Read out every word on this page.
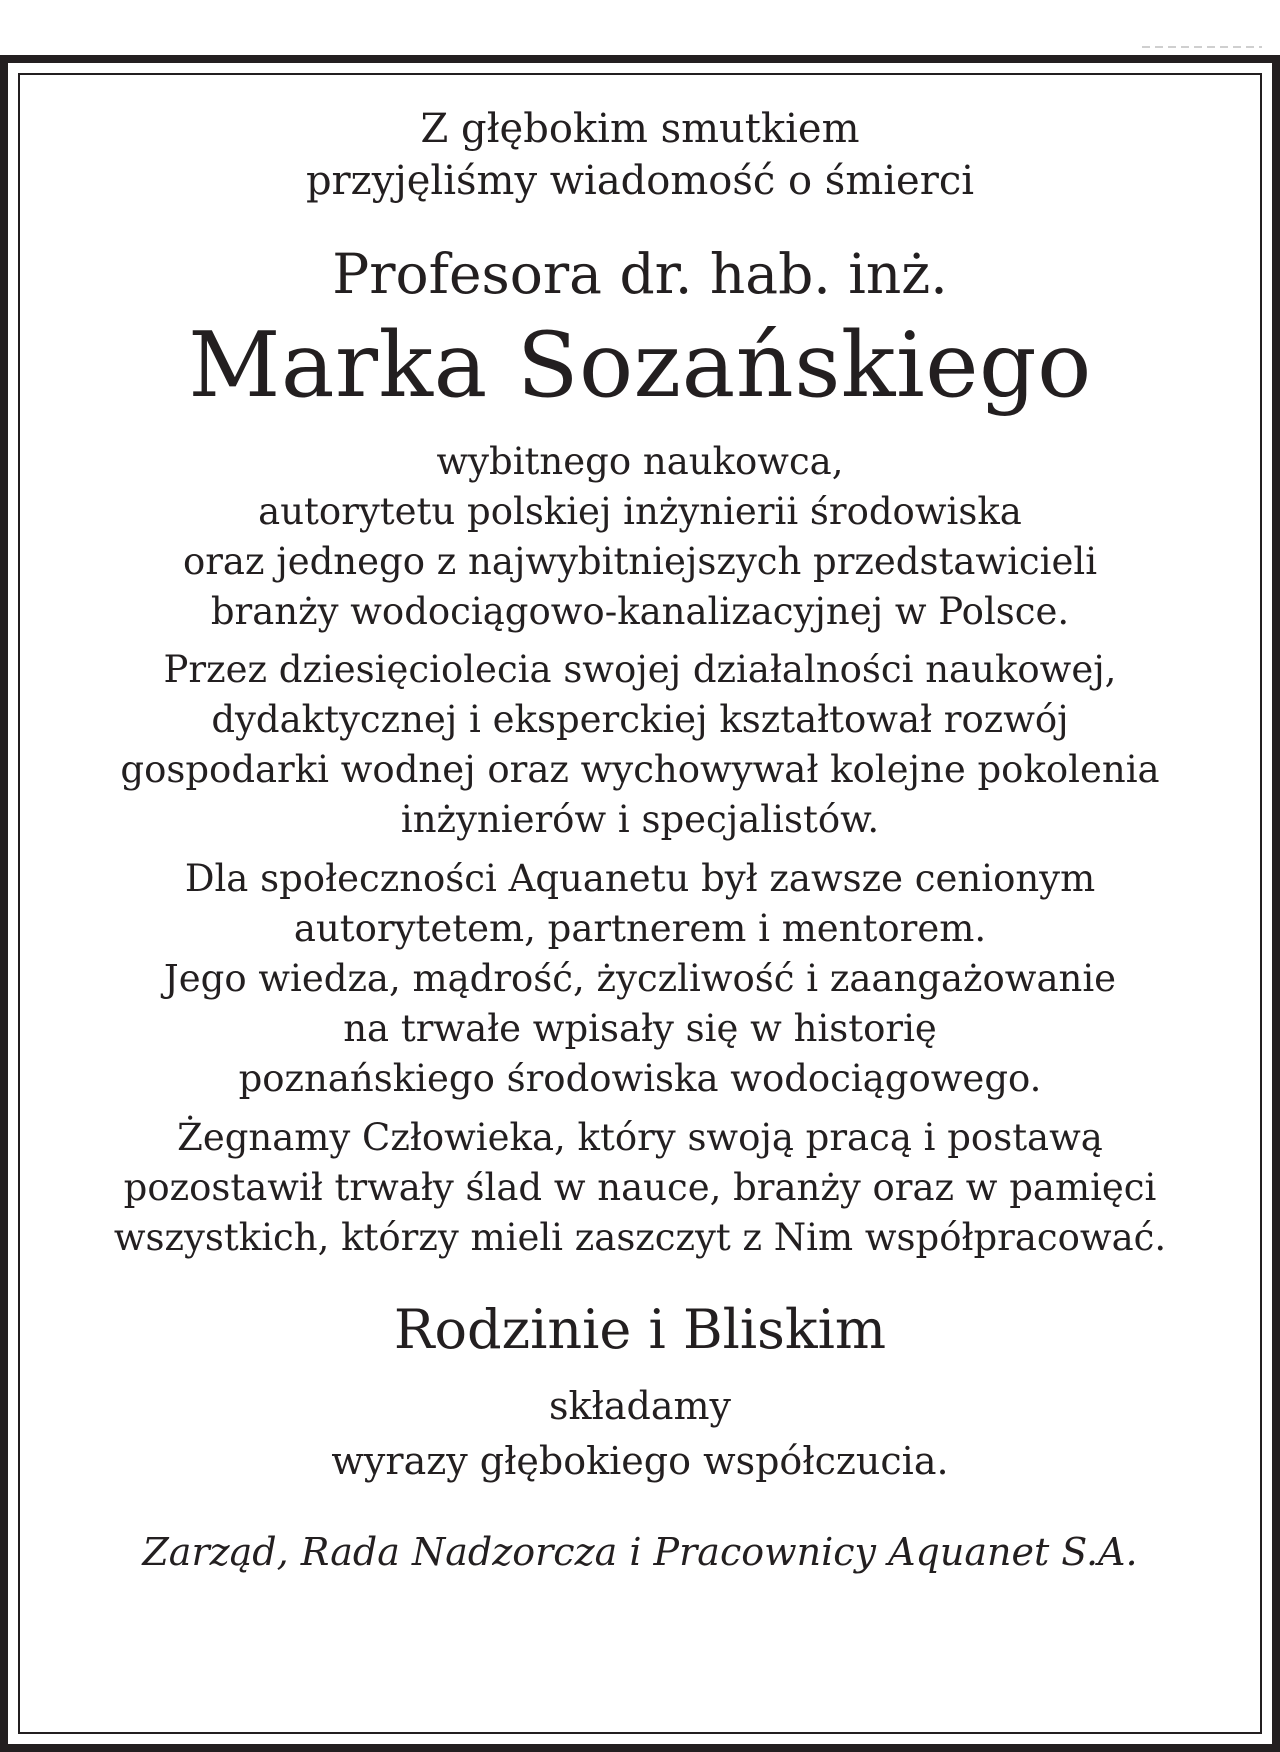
Z głębokim smutkiem
przyjęliśmy wiadomość o śmierci

Profesora dr. hab. inż.

Marka Sozańskiego

wybitnego naukowca,
autorytetu polskiej inżynierii środowiska
oraz jednego z najwybitniejszych przedstawicieli
branży wodociągowo-kanalizacyjnej w Polsce.

Przez dziesięciolecia swojej działalności naukowej,
dydaktycznej i eksperckiej kształtował rozwój
gospodarki wodnej oraz wychowywał kolejne pokolenia
inżynierów i specjalistów.

Dla społeczności Aquanetu był zawsze cenionym
autorytetem, partnerem i mentorem.
Jego wiedza, mądrość, życzliwość i zaangażowanie
na trwałe wpisały się w historię
poznańskiego środowiska wodociągowego.

Żegnamy Człowieka, który swoją pracą i postawą
pozostawił trwały ślad w nauce, branży oraz w pamięci
wszystkich, którzy mieli zaszczyt z Nim współpracować.

Rodzinie i Bliskim

składamy
wyrazy głębokiego współczucia.

Zarząd, Rada Nadzorcza i Pracownicy Aquanet S.A.
